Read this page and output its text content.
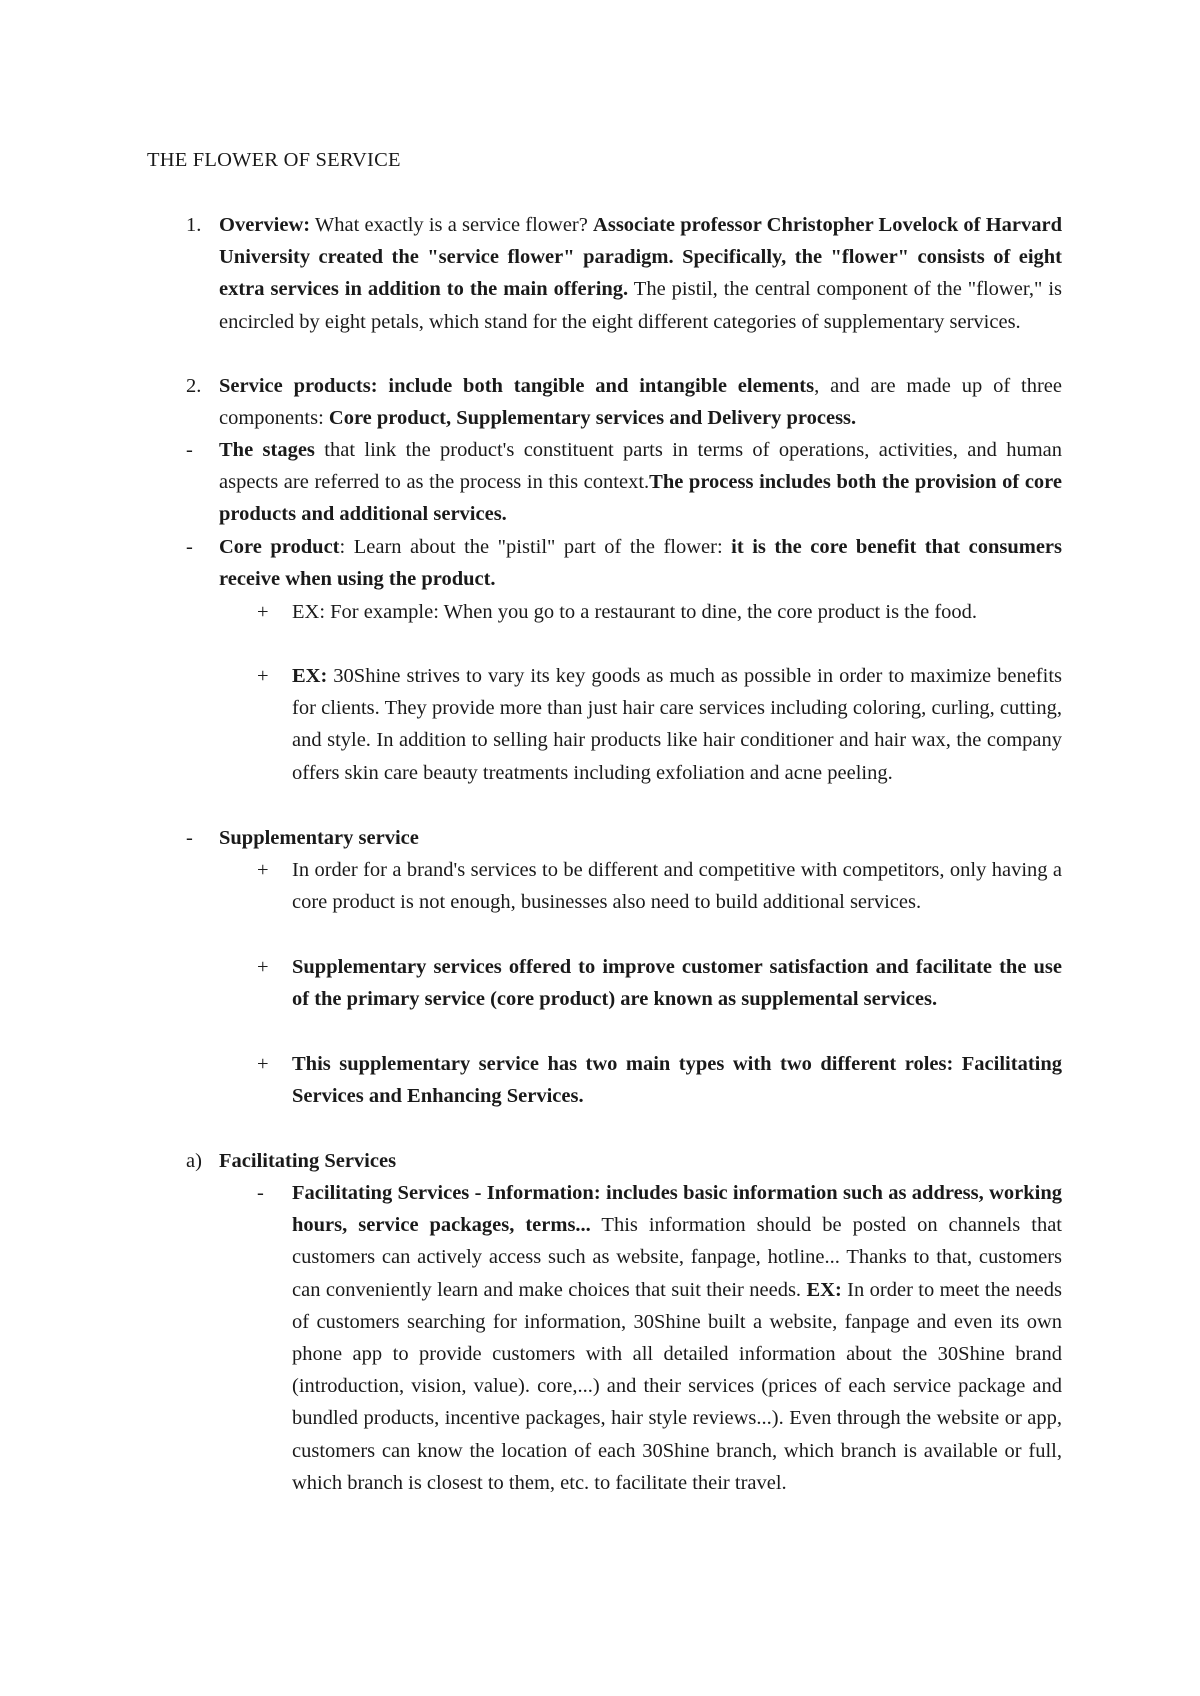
THE FLOWER OF SERVICE
1. Overview: What exactly is a service flower? Associate professor Christopher Lovelock of Harvard University created the "service flower" paradigm. Specifically, the "flower" consists of eight extra services in addition to the main offering. The pistil, the central component of the "flower," is encircled by eight petals, which stand for the eight different categories of supplementary services.
2. Service products: include both tangible and intangible elements, and are made up of three components: Core product, Supplementary services and Delivery process.
- The stages that link the product's constituent parts in terms of operations, activities, and human aspects are referred to as the process in this context.The process includes both the provision of core products and additional services.
- Core product: Learn about the "pistil" part of the flower: it is the core benefit that consumers receive when using the product.
+ EX: For example: When you go to a restaurant to dine, the core product is the food.
+ EX: 30Shine strives to vary its key goods as much as possible in order to maximize benefits for clients. They provide more than just hair care services including coloring, curling, cutting, and style. In addition to selling hair products like hair conditioner and hair wax, the company offers skin care beauty treatments including exfoliation and acne peeling.
- Supplementary service
+ In order for a brand's services to be different and competitive with competitors, only having a core product is not enough, businesses also need to build additional services.
+ Supplementary services offered to improve customer satisfaction and facilitate the use of the primary service (core product) are known as supplemental services.
+ This supplementary service has two main types with two different roles: Facilitating Services and Enhancing Services.
a) Facilitating Services
- Facilitating Services - Information: includes basic information such as address, working hours, service packages, terms... This information should be posted on channels that customers can actively access such as website, fanpage, hotline... Thanks to that, customers can conveniently learn and make choices that suit their needs. EX: In order to meet the needs of customers searching for information, 30Shine built a website, fanpage and even its own phone app to provide customers with all detailed information about the 30Shine brand (introduction, vision, value). core,...) and their services (prices of each service package and bundled products, incentive packages, hair style reviews...). Even through the website or app, customers can know the location of each 30Shine branch, which branch is available or full, which branch is closest to them, etc. to facilitate their travel.
